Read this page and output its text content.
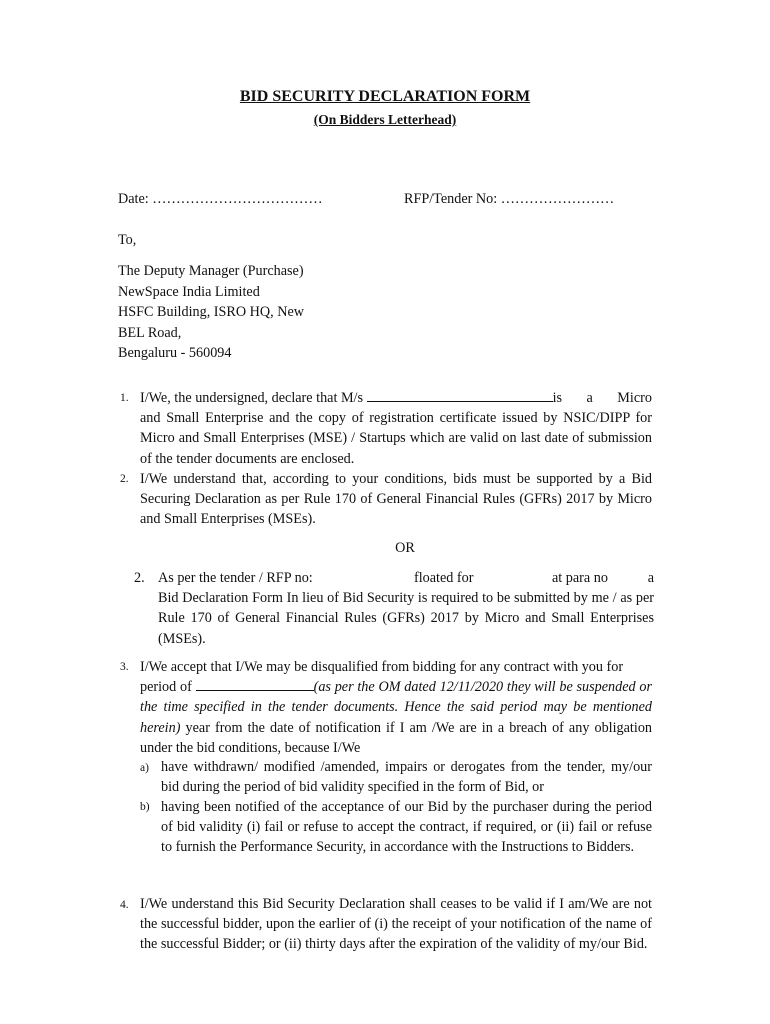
BID SECURITY DECLARATION FORM
(On Bidders Letterhead)
Date: ………………………………	RFP/Tender No: ……………………
To,
The Deputy Manager (Purchase)
NewSpace India Limited
HSFC Building, ISRO HQ, New
BEL Road,
Bengaluru - 560094
1. I/We, the undersigned, declare that M/s	is a Micro
and Small Enterprise and the copy of registration certificate issued by NSIC/DIPP for Micro and Small Enterprises (MSE) / Startups which are valid on last date of submission of the tender documents are enclosed.
2. I/We understand that, according to your conditions, bids must be supported by a Bid Securing Declaration as per Rule 170 of General Financial Rules (GFRs) 2017 by Micro and Small Enterprises (MSEs).
OR
2. As per the tender / RFP no:	floated for	at para no	a
Bid Declaration Form In lieu of Bid Security is required to be submitted by me / as per Rule 170 of General Financial Rules (GFRs) 2017 by Micro and Small Enterprises (MSEs).
3. I/We accept that I/We may be disqualified from bidding for any contract with you for
period of	(as per the OM dated 12/11/2020 they will be suspended or the time specified in the tender documents. Hence the said period may be mentioned herein) year from the date of notification if I am /We are in a breach of any obligation under the bid conditions, because I/We
a) have withdrawn/ modified /amended, impairs or derogates from the tender, my/our bid during the period of bid validity specified in the form of Bid, or
b) having been notified of the acceptance of our Bid by the purchaser during the period of bid validity (i) fail or refuse to accept the contract, if required, or (ii) fail or refuse to furnish the Performance Security, in accordance with the Instructions to Bidders.
4. I/We understand this Bid Security Declaration shall ceases to be valid if I am/We are not the successful bidder, upon the earlier of (i) the receipt of your notification of the name of the successful Bidder; or (ii) thirty days after the expiration of the validity of my/our Bid.
